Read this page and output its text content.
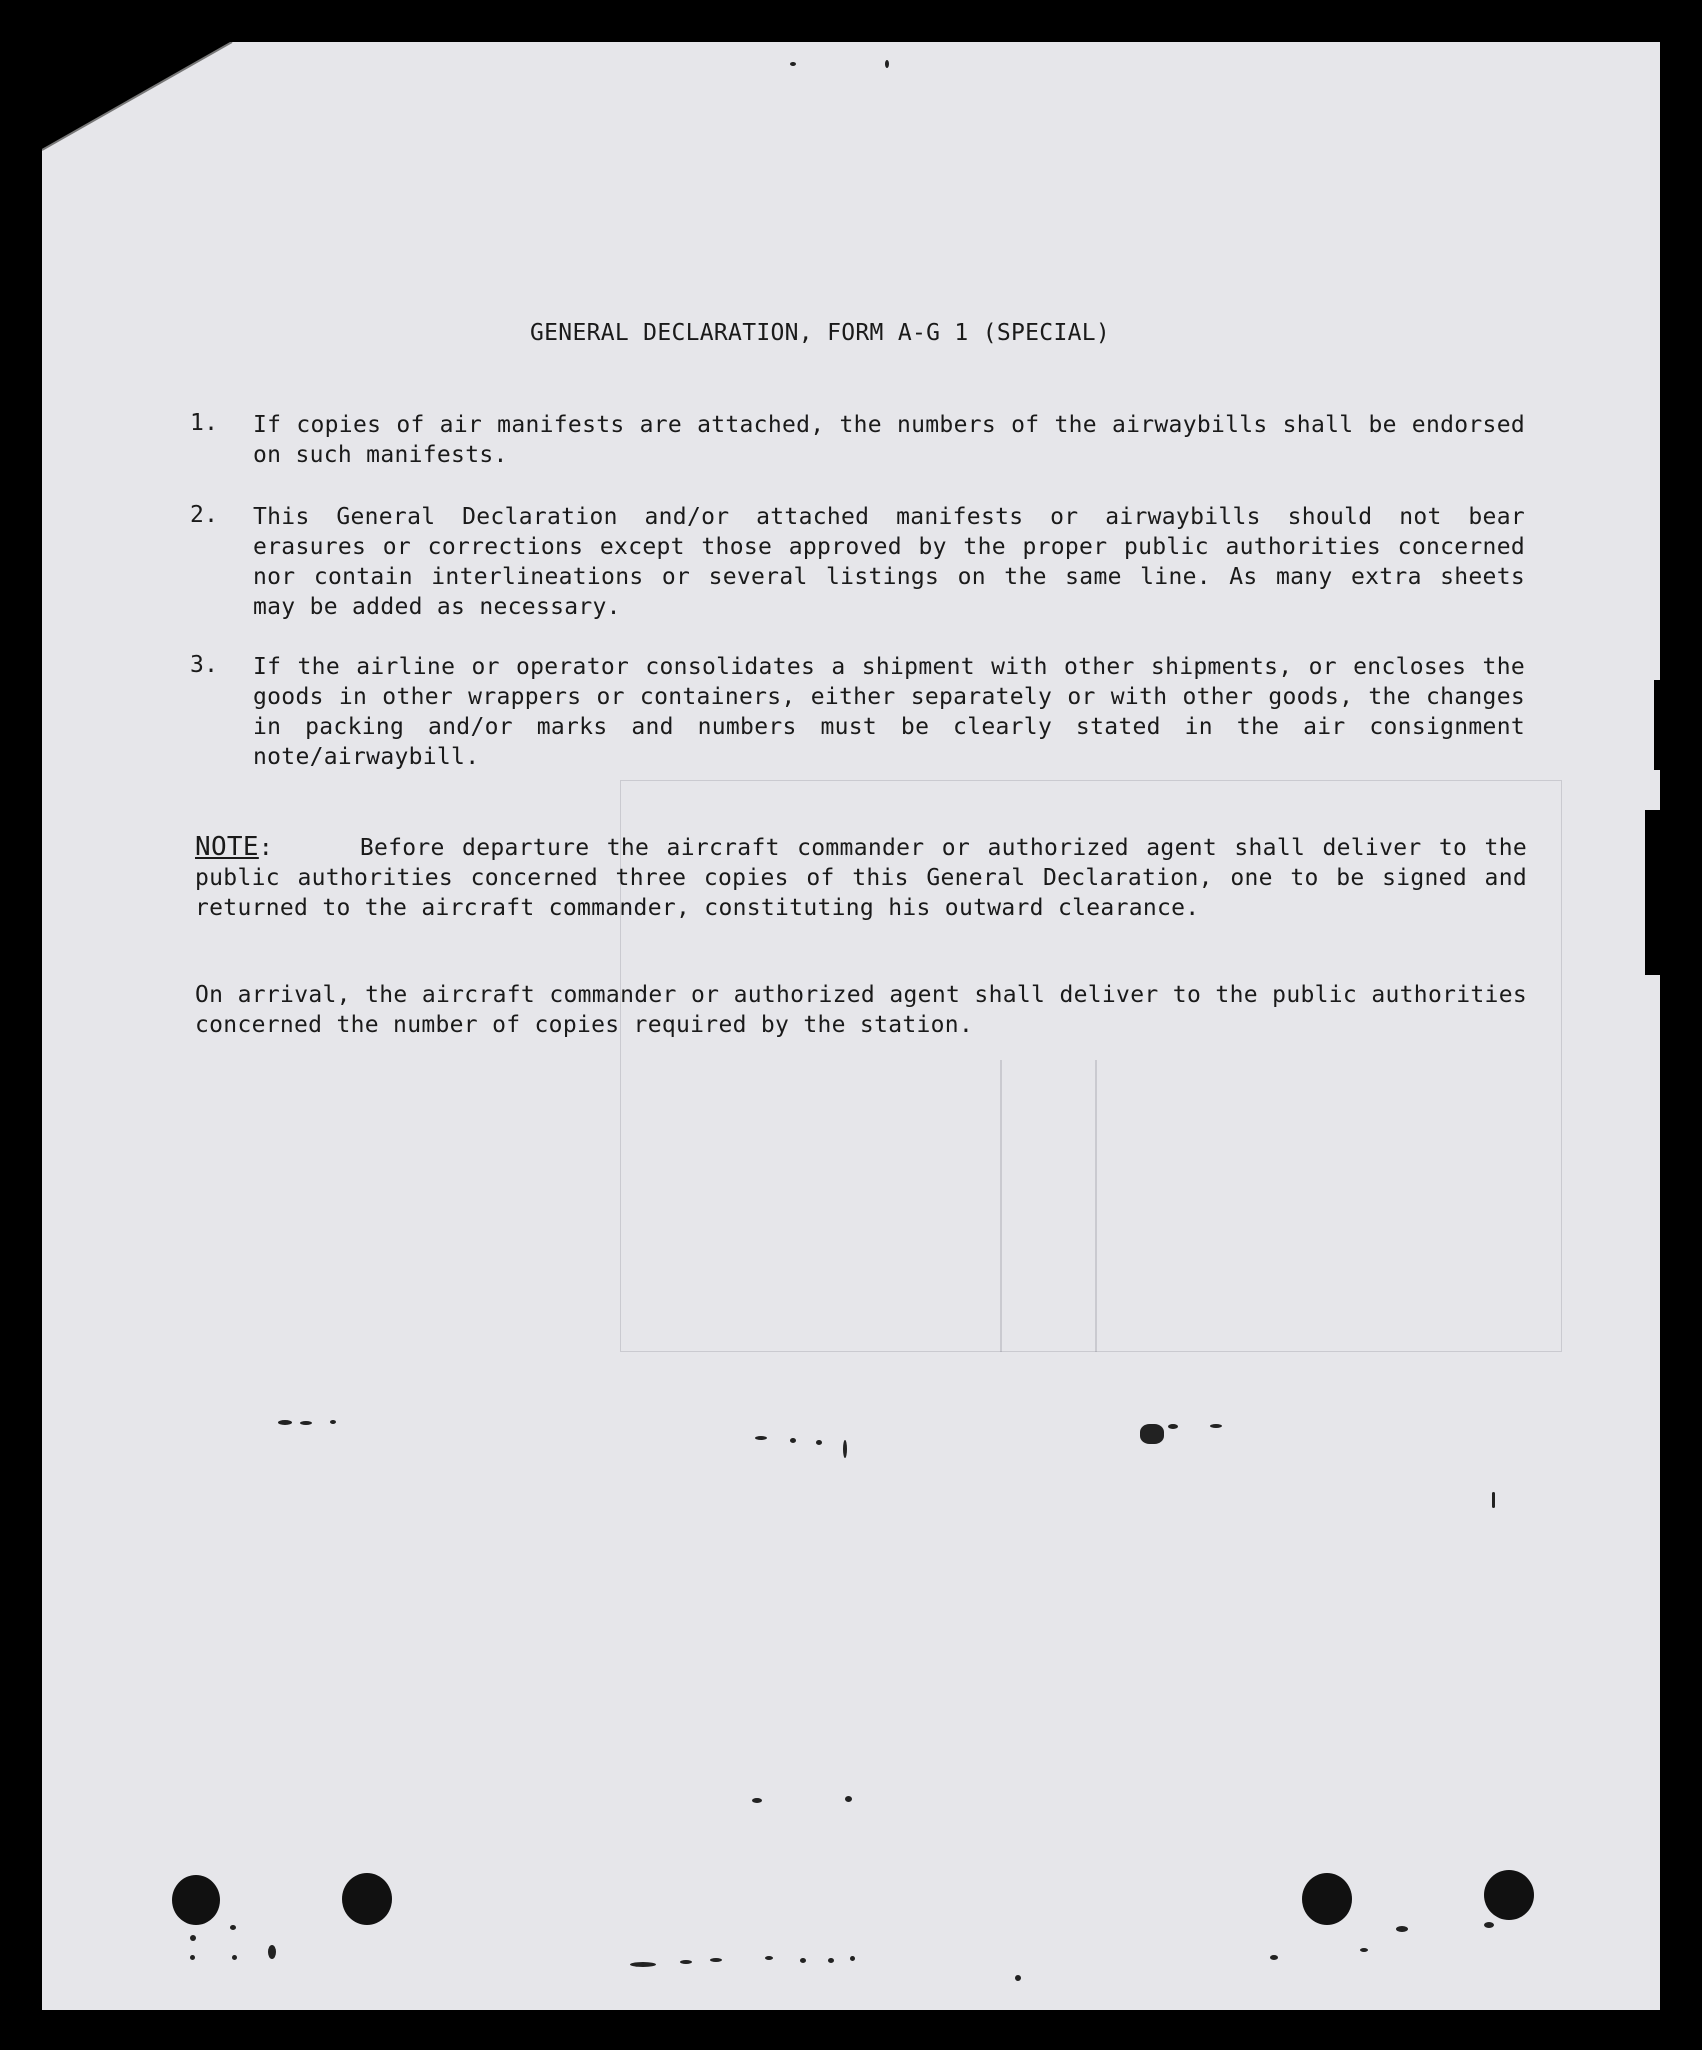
GENERAL DECLARATION, FORM A-G 1 (SPECIAL)
1. If copies of air manifests are attached, the numbers of the airwaybills shall be endorsed on such manifests.
2. This General Declaration and/or attached manifests or airwaybills should not bear erasures or corrections except those approved by the proper public authorities concerned nor contain interlineations or several listings on the same line. As many extra sheets may be added as necessary.
3. If the airline or operator consolidates a shipment with other shipments, or encloses the goods in other wrappers or containers, either separately or with other goods, the changes in packing and/or marks and numbers must be clearly stated in the air consignment note/airwaybill.
NOTE:     Before departure the aircraft commander or authorized agent shall deliver to the public authorities concerned three copies of this General Declaration, one to be signed and returned to the aircraft commander, constituting his outward clearance.
On arrival, the aircraft commander or authorized agent shall deliver to the public authorities concerned the number of copies required by the station.
